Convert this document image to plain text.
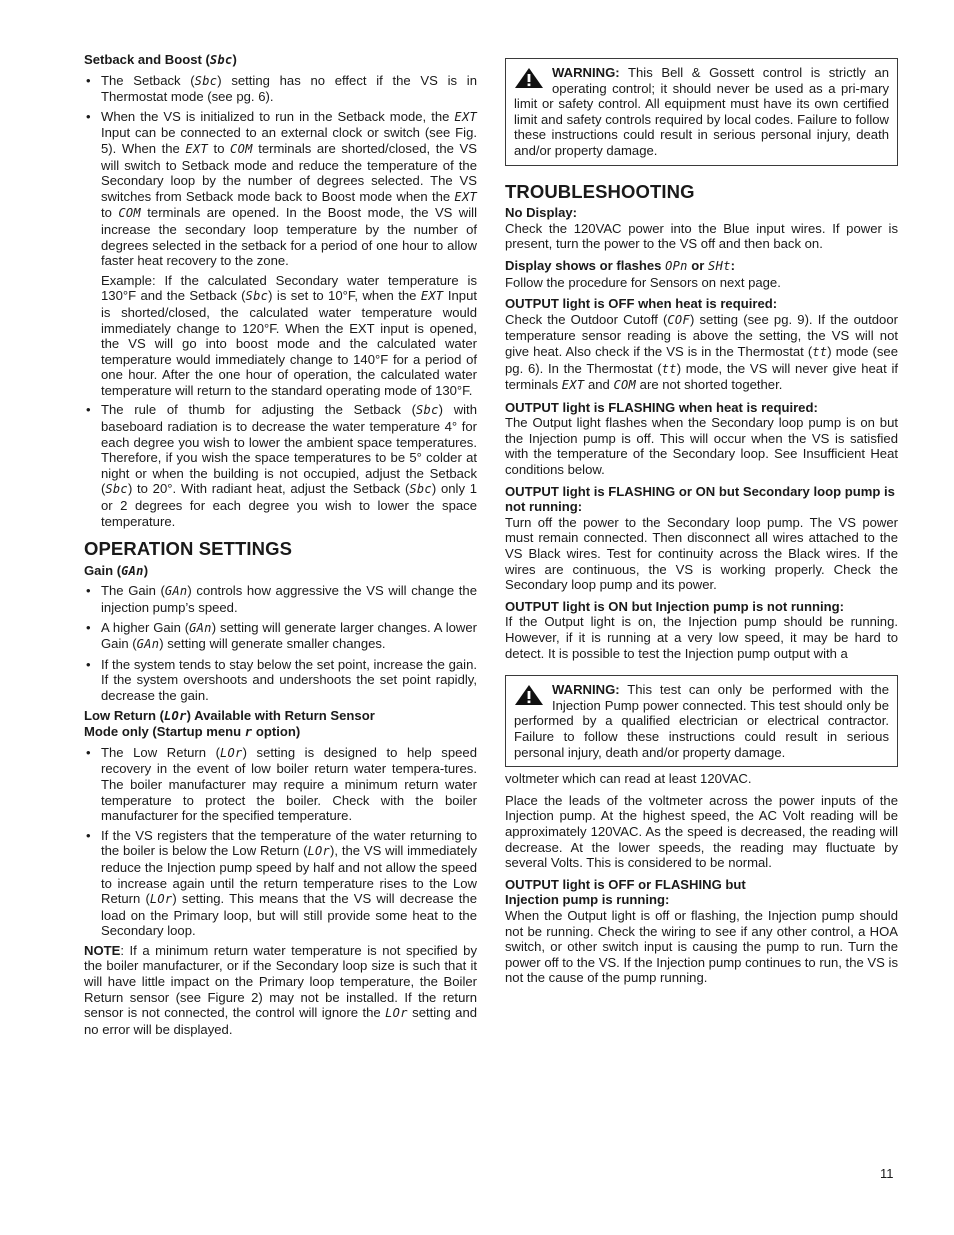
Setback and Boost (Sbc)
• The Setback (Sbc) setting has no effect if the VS is in Thermostat mode (see pg. 6).
• When the VS is initialized to run in the Setback mode, the EXT Input can be connected to an external clock or switch (see Fig. 5). When the EXT to COM terminals are shorted/closed, the VS will switch to Setback mode and reduce the temperature of the Secondary loop by the number of degrees selected. The VS switches from Setback mode back to Boost mode when the EXT to COM terminals are opened. In the Boost mode, the VS will increase the secondary loop temperature by the number of degrees selected in the setback for a period of one hour to allow faster heat recovery to the zone.

Example: If the calculated Secondary water temperature is 130°F and the Setback (Sbc) is set to 10°F, when the EXT Input is shorted/closed, the calculated water temperature would immediately change to 120°F. When the EXT input is opened, the VS will go into boost mode and the calculated water temperature would immediately change to 140°F for a period of one hour. After the one hour of operation, the calculated water temperature will return to the standard operating mode of 130°F.

• The rule of thumb for adjusting the Setback (Sbc) with baseboard radiation is to decrease the water temperature 4° for each degree you wish to lower the ambient space temperatures. Therefore, if you wish the space temperatures to be 5° colder at night or when the building is not occupied, adjust the Setback (Sbc) to 20°. With radiant heat, adjust the Setback (Sbc) only 1 or 2 degrees for each degree you wish to lower the space temperature.
OPERATION SETTINGS
Gain (GAn)
• The Gain (GAn) controls how aggressive the VS will change the injection pump’s speed.
• A higher Gain (GAn) setting will generate larger changes. A lower Gain (GAn) setting will generate smaller changes.
• If the system tends to stay below the set point, increase the gain. If the system overshoots and undershoots the set point rapidly, decrease the gain.
Low Return (LOr) Available with Return Sensor
Mode only (Startup menu r option)
• The Low Return (LOr) setting is designed to help speed recovery in the event of low boiler return water tempera-tures. The boiler manufacturer may require a minimum return water temperature to protect the boiler. Check with the boiler manufacturer for the specified temperature.
• If the VS registers that the temperature of the water returning to the boiler is below the Low Return (LOr), the VS will immediately reduce the Injection pump speed by half and not allow the speed to increase again until the return temperature rises to the Low Return (LOr) setting. This means that the VS will decrease the load on the Primary loop, but will still provide some heat to the Secondary loop.

NOTE: If a minimum return water temperature is not specified by the boiler manufacturer, or if the Secondary loop size is such that it will have little impact on the Primary loop temperature, the Boiler Return sensor (see Figure 2) may not be installed. If the return sensor is not connected, the control will ignore the LOr setting and no error will be displayed.

WARNING: This Bell & Gossett control is strictly an operating control; it should never be used as a pri-mary limit or safety control. All equipment must have its own certified limit and safety controls required by local codes. Failure to follow these instructions could result in serious personal injury, death and/or property damage.
TROUBLESHOOTING
No Display:

Check the 120VAC power into the Blue input wires. If power is present, turn the power to the VS off and then back on.

Display shows or flashes OPn or SHt:

Follow the procedure for Sensors on next page.

OUTPUT light is OFF when heat is required:

Check the Outdoor Cutoff (COF) setting (see pg. 9). If the outdoor temperature sensor reading is above the setting, the VS will not give heat. Also check if the VS is in the Thermostat (tt) mode (see pg. 6). In the Thermostat (tt) mode, the VS will never give heat if terminals EXT and COM are not shorted together.

OUTPUT light is FLASHING when heat is required:

The Output light flashes when the Secondary loop pump is on but the Injection pump is off. This will occur when the VS is satisfied with the temperature of the Secondary loop. See Insufficient Heat conditions below.

OUTPUT light is FLASHING or ON but Secondary loop pump is not running:

Turn off the power to the Secondary loop pump. The VS power must remain connected. Then disconnect all wires attached to the VS Black wires. Test for continuity across the Black wires. If the wires are continuous, the VS is working properly. Check the Secondary loop pump and its power.

OUTPUT light is ON but Injection pump is not running:

If the Output light is on, the Injection pump should be running. However, if it is running at a very low speed, it may be hard to detect. It is possible to test the Injection pump output with a

WARNING: This test can only be performed with the Injection Pump power connected. This test should only be performed by a qualified electrician or electrical contractor. Failure to follow these instructions could result in serious personal injury, death and/or property damage.

voltmeter which can read at least 120VAC.

Place the leads of the voltmeter across the power inputs of the Injection pump. At the highest speed, the AC Volt reading will be approximately 120VAC. As the speed is decreased, the reading will decrease. At the lower speeds, the reading may fluctuate by several Volts. This is considered to be normal.

OUTPUT light is OFF or FLASHING but
Injection pump is running:

When the Output light is off or flashing, the Injection pump should not be running. Check the wiring to see if any other control, a HOA switch, or other switch input is causing the pump to run. Turn the power off to the VS. If the Injection pump continues to run, the VS is not the cause of the pump running.

11
